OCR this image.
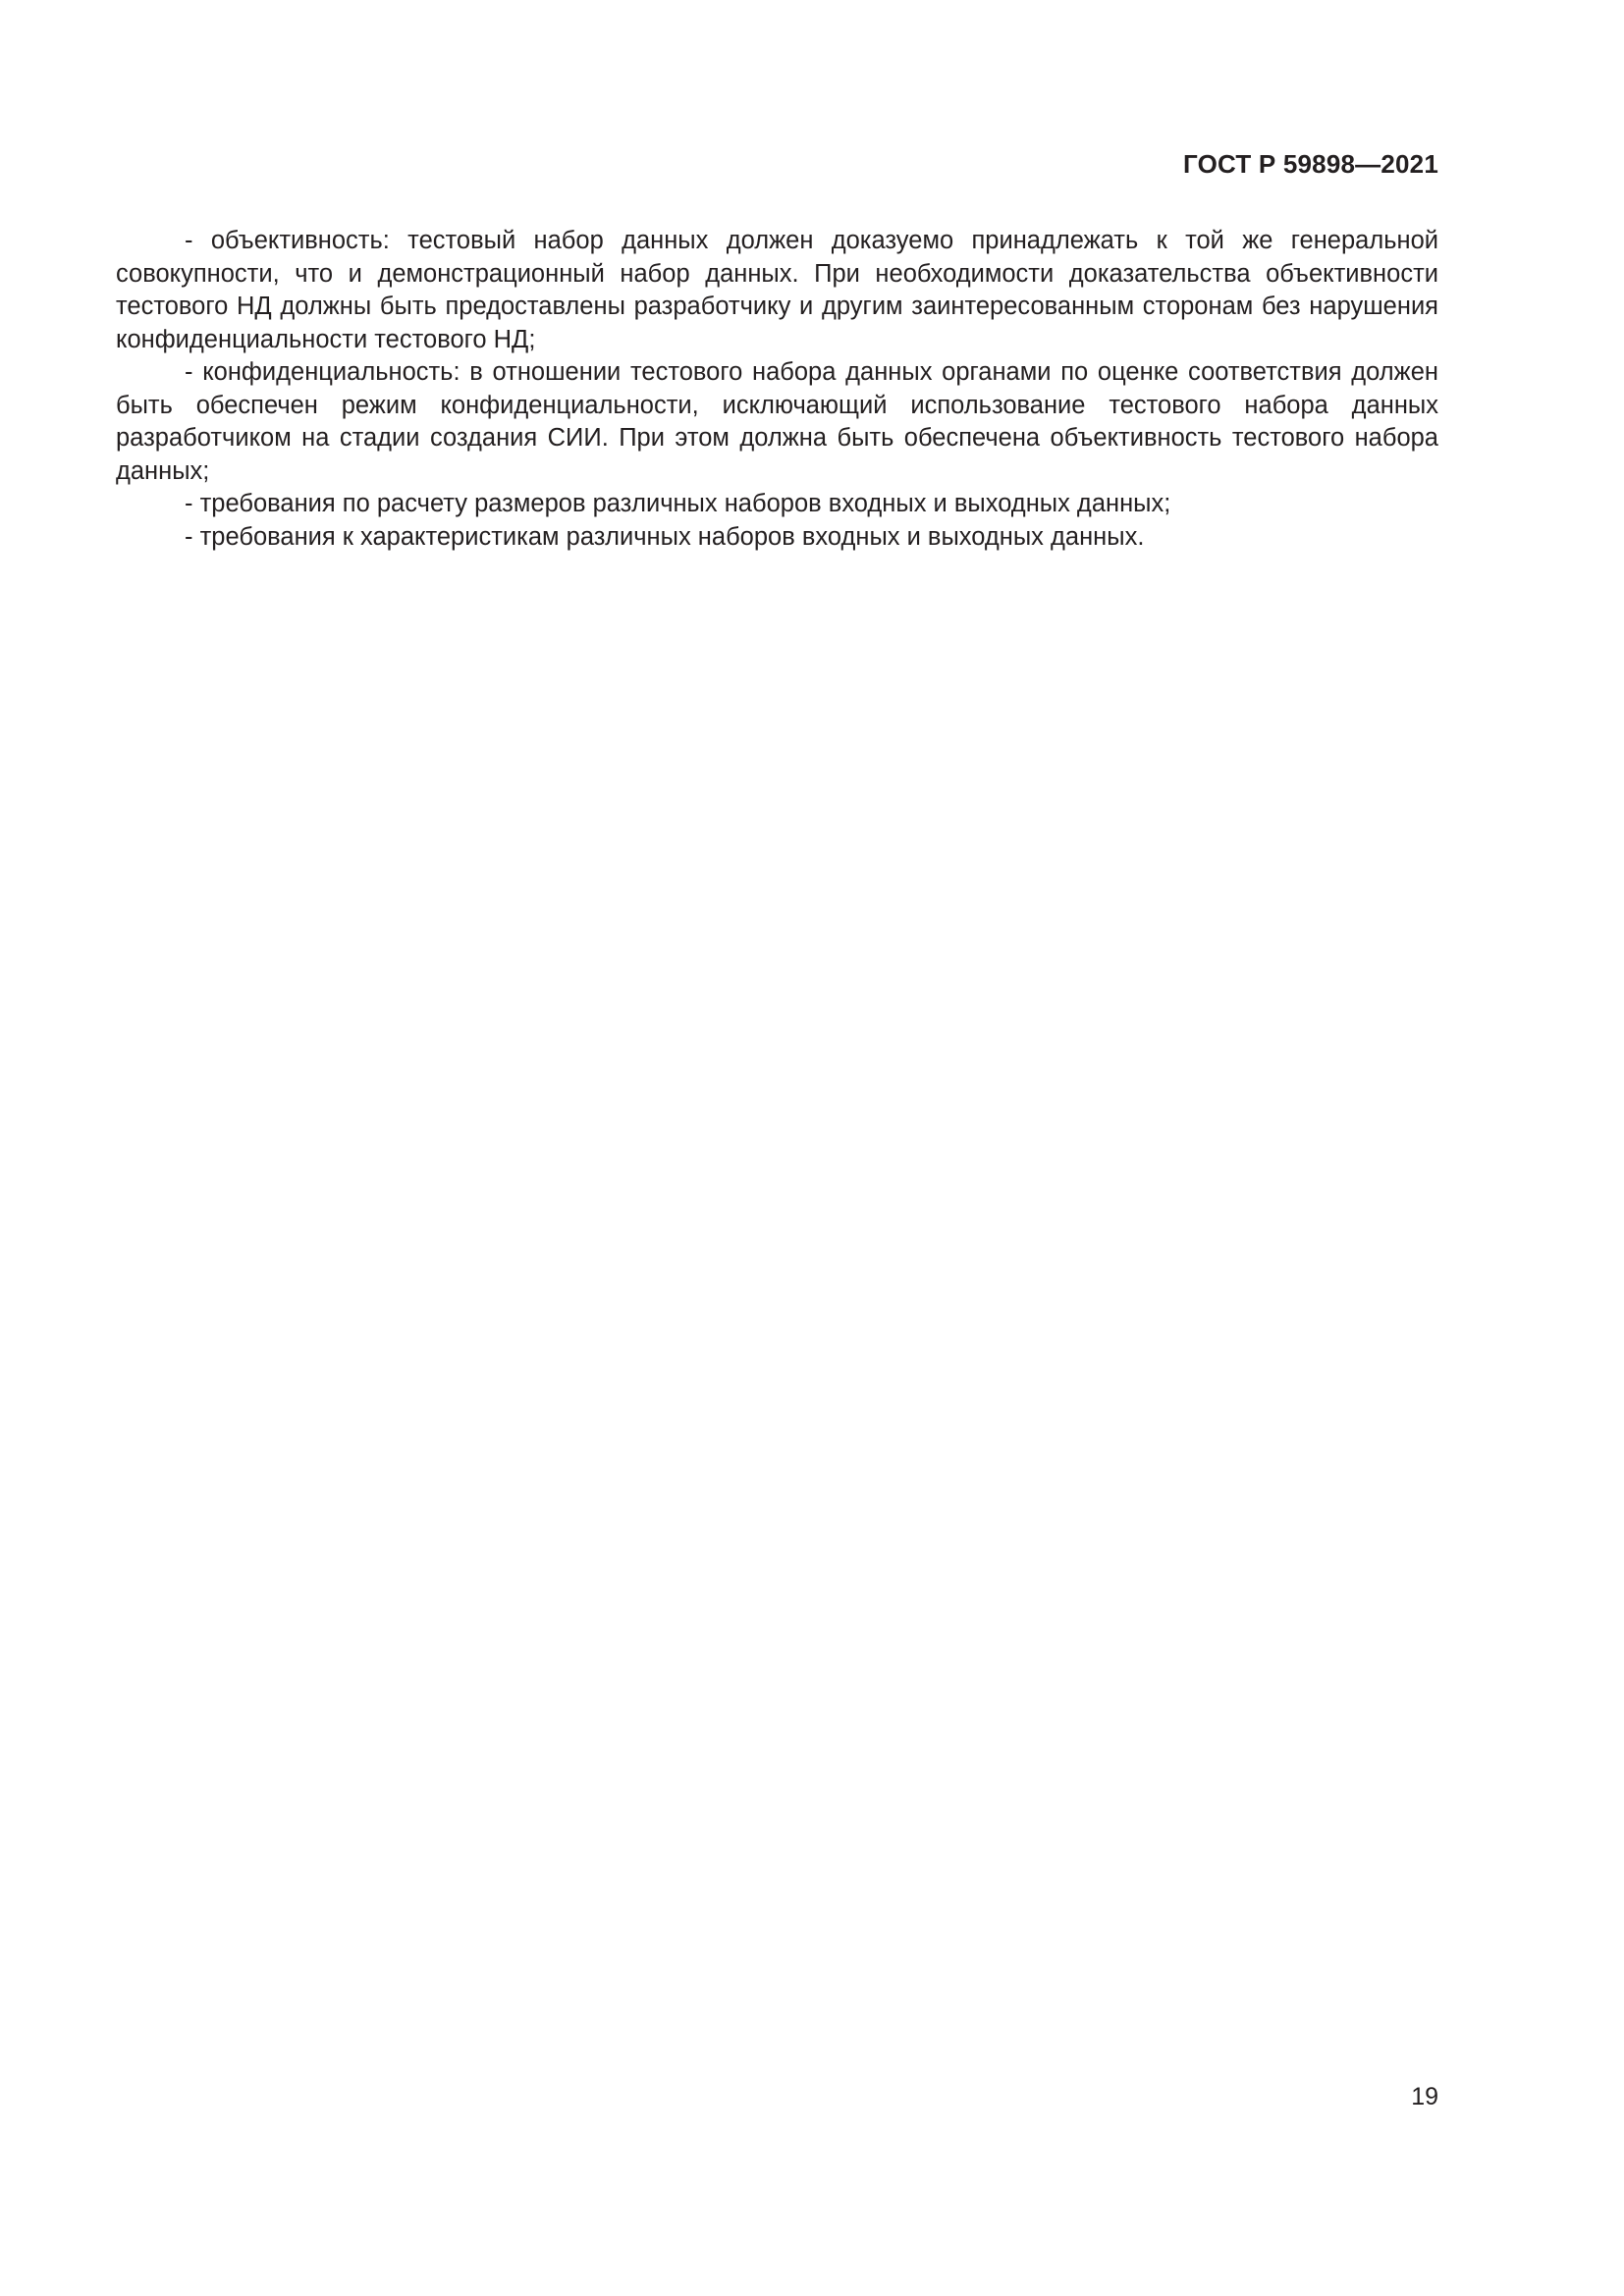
ГОСТ Р 59898—2021

- объективность: тестовый набор данных должен доказуемо принадлежать к той же генеральной совокупности, что и демонстрационный набор данных. При необходимости доказательства объективности тестового НД должны быть предоставлены разработчику и другим заинтересованным сторонам без нарушения конфиденциальности тестового НД;

- конфиденциальность: в отношении тестового набора данных органами по оценке соответствия должен быть обеспечен режим конфиденциальности, исключающий использование тестового набора данных разработчиком на стадии создания СИИ. При этом должна быть обеспечена объективность тестового набора данных;

- требования по расчету размеров различных наборов входных и выходных данных;

- требования к характеристикам различных наборов входных и выходных данных.

19
